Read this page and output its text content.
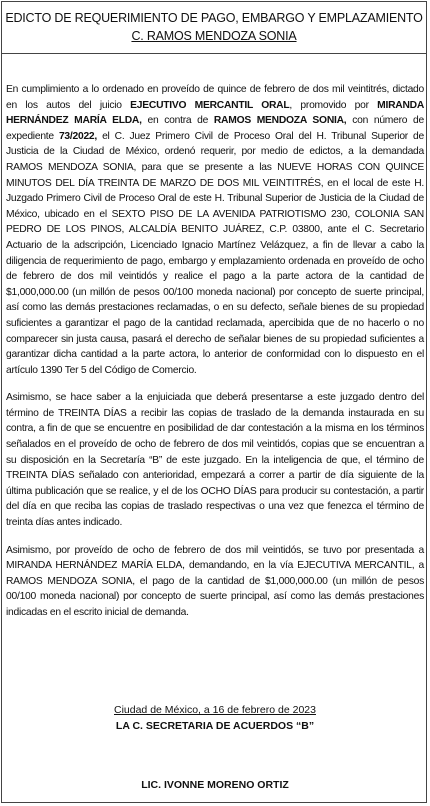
EDICTO DE REQUERIMIENTO DE PAGO, EMBARGO Y EMPLAZAMIENTO
C. RAMOS MENDOZA SONIA

En cumplimiento a lo ordenado en proveído de quince de febrero de dos mil veintitrés, dictado en los autos del juicio EJECUTIVO MERCANTIL ORAL, promovido por MIRANDA HERNÁNDEZ MARÍA ELDA, en contra de RAMOS MENDOZA SONIA, con número de expediente 73/2022, el C. Juez Primero Civil de Proceso Oral del H. Tribunal Superior de Justicia de la Ciudad de México, ordenó requerir, por medio de edictos, a la demandada RAMOS MENDOZA SONIA, para que se presente a las NUEVE HORAS CON QUINCE MINUTOS DEL DÍA TREINTA DE MARZO DE DOS MIL VEINTITRÉS, en el local de este H. Juzgado Primero Civil de Proceso Oral de este H. Tribunal Superior de Justicia de la Ciudad de México, ubicado en el SEXTO PISO DE LA AVENIDA PATRIOTISMO 230, COLONIA SAN PEDRO DE LOS PINOS, ALCALDÍA BENITO JUÁREZ, C.P. 03800, ante el C. Secretario Actuario de la adscripción, Licenciado Ignacio Martínez Velázquez, a fin de llevar a cabo la diligencia de requerimiento de pago, embargo y emplazamiento ordenada en proveído de ocho de febrero de dos mil veintidós y realice el pago a la parte actora de la cantidad de $1,000,000.00 (un millón de pesos 00/100 moneda nacional) por concepto de suerte principal, así como las demás prestaciones reclamadas, o en su defecto, señale bienes de su propiedad suficientes a garantizar el pago de la cantidad reclamada, apercibida que de no hacerlo o no comparecer sin justa causa, pasará el derecho de señalar bienes de su propiedad suficientes a garantizar dicha cantidad a la parte actora, lo anterior de conformidad con lo dispuesto en el artículo 1390 Ter 5 del Código de Comercio.

Asimismo, se hace saber a la enjuiciada que deberá presentarse a este juzgado dentro del término de TREINTA DÍAS a recibir las copias de traslado de la demanda instaurada en su contra, a fin de que se encuentre en posibilidad de dar contestación a la misma en los términos señalados en el proveído de ocho de febrero de dos mil veintidós, copias que se encuentran a su disposición en la Secretaría “B” de este juzgado. En la inteligencia de que, el término de TREINTA DÍAS señalado con anterioridad, empezará a correr a partir de día siguiente de la última publicación que se realice, y el de los OCHO DÍAS para producir su contestación, a partir del día en que reciba las copias de traslado respectivas o una vez que fenezca el término de treinta días antes indicado.

Asimismo, por proveído de ocho de febrero de dos mil veintidós, se tuvo por presentada a MIRANDA HERNÁNDEZ MARÍA ELDA, demandando, en la vía EJECUTIVA MERCANTIL, a RAMOS MENDOZA SONIA, el pago de la cantidad de $1,000,000.00 (un millón de pesos 00/100 moneda nacional) por concepto de suerte principal, así como las demás prestaciones indicadas en el escrito inicial de demanda.

Ciudad de México, a 16 de febrero de 2023
LA C. SECRETARIA DE ACUERDOS “B”
LIC. IVONNE MORENO ORTIZ
